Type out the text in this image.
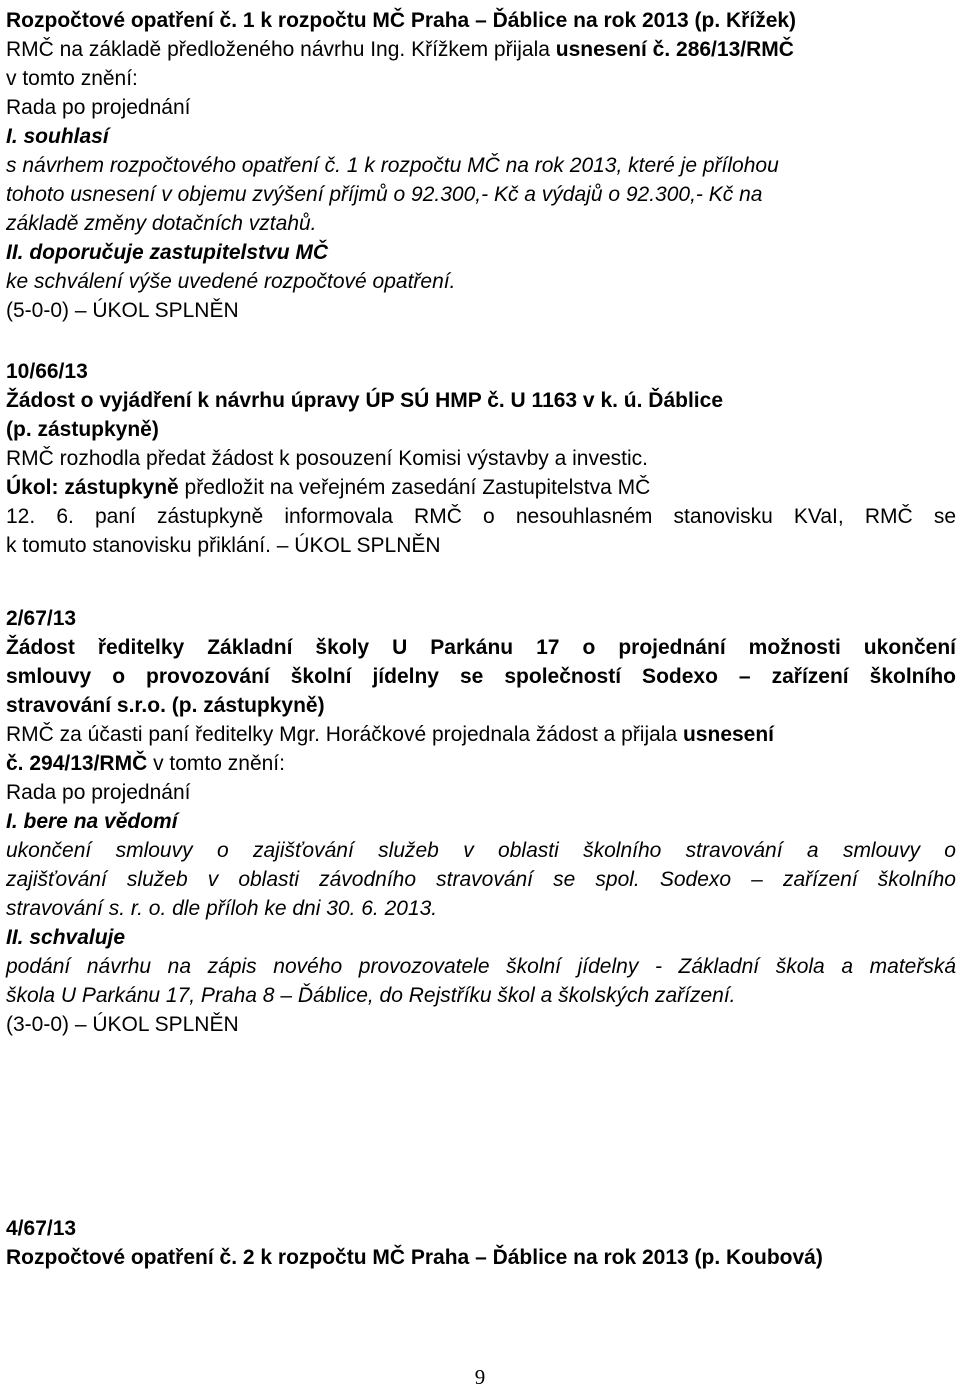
Rozpočtové opatření č. 1 k rozpočtu MČ Praha – Ďáblice na rok 2013 (p. Křížek)
RMČ na základě předloženého návrhu Ing. Křížkem přijala usnesení č. 286/13/RMČ
v tomto znění:
Rada po projednání
I. souhlasí
s návrhem rozpočtového opatření č. 1 k rozpočtu MČ na rok 2013, které je přílohou
tohoto usnesení v objemu zvýšení příjmů o 92.300,- Kč a výdajů o 92.300,- Kč na
základě změny dotačních vztahů.
II. doporučuje zastupitelstvu MČ
ke schválení výše uvedené rozpočtové opatření.
(5-0-0) – ÚKOL SPLNĚN
10/66/13
Žádost o vyjádření k návrhu úpravy ÚP SÚ HMP č. U 1163 v k. ú. Ďáblice
(p. zástupkyně)
RMČ rozhodla předat žádost k posouzení Komisi výstavby a investic.
Úkol: zástupkyně předložit na veřejném zasedání Zastupitelstva MČ
12. 6. paní zástupkyně informovala RMČ o nesouhlasném stanovisku KVaI, RMČ se
k tomuto stanovisku přiklání. – ÚKOL SPLNĚN
2/67/13
Žádost ředitelky Základní školy U Parkánu 17 o projednání možnosti ukončení
smlouvy o provozování školní jídelny se společností Sodexo – zařízení školního
stravování s.r.o. (p. zástupkyně)
RMČ za účasti paní ředitelky Mgr. Horáčkové projednala žádost a přijala usnesení
č. 294/13/RMČ v tomto znění:
Rada po projednání
I. bere na vědomí
ukončení smlouvy o zajišťování služeb v oblasti školního stravování a smlouvy o
zajišťování služeb v oblasti závodního stravování se spol. Sodexo – zařízení školního
stravování s. r. o. dle příloh ke dni 30. 6. 2013.
II. schvaluje
podání návrhu na zápis nového provozovatele školní jídelny - Základní škola a mateřská
škola U Parkánu 17, Praha 8 – Ďáblice, do Rejstříku škol a školských zařízení.
(3-0-0) – ÚKOL SPLNĚN
4/67/13
Rozpočtové opatření č. 2 k rozpočtu MČ Praha – Ďáblice na rok 2013 (p. Koubová)
9
